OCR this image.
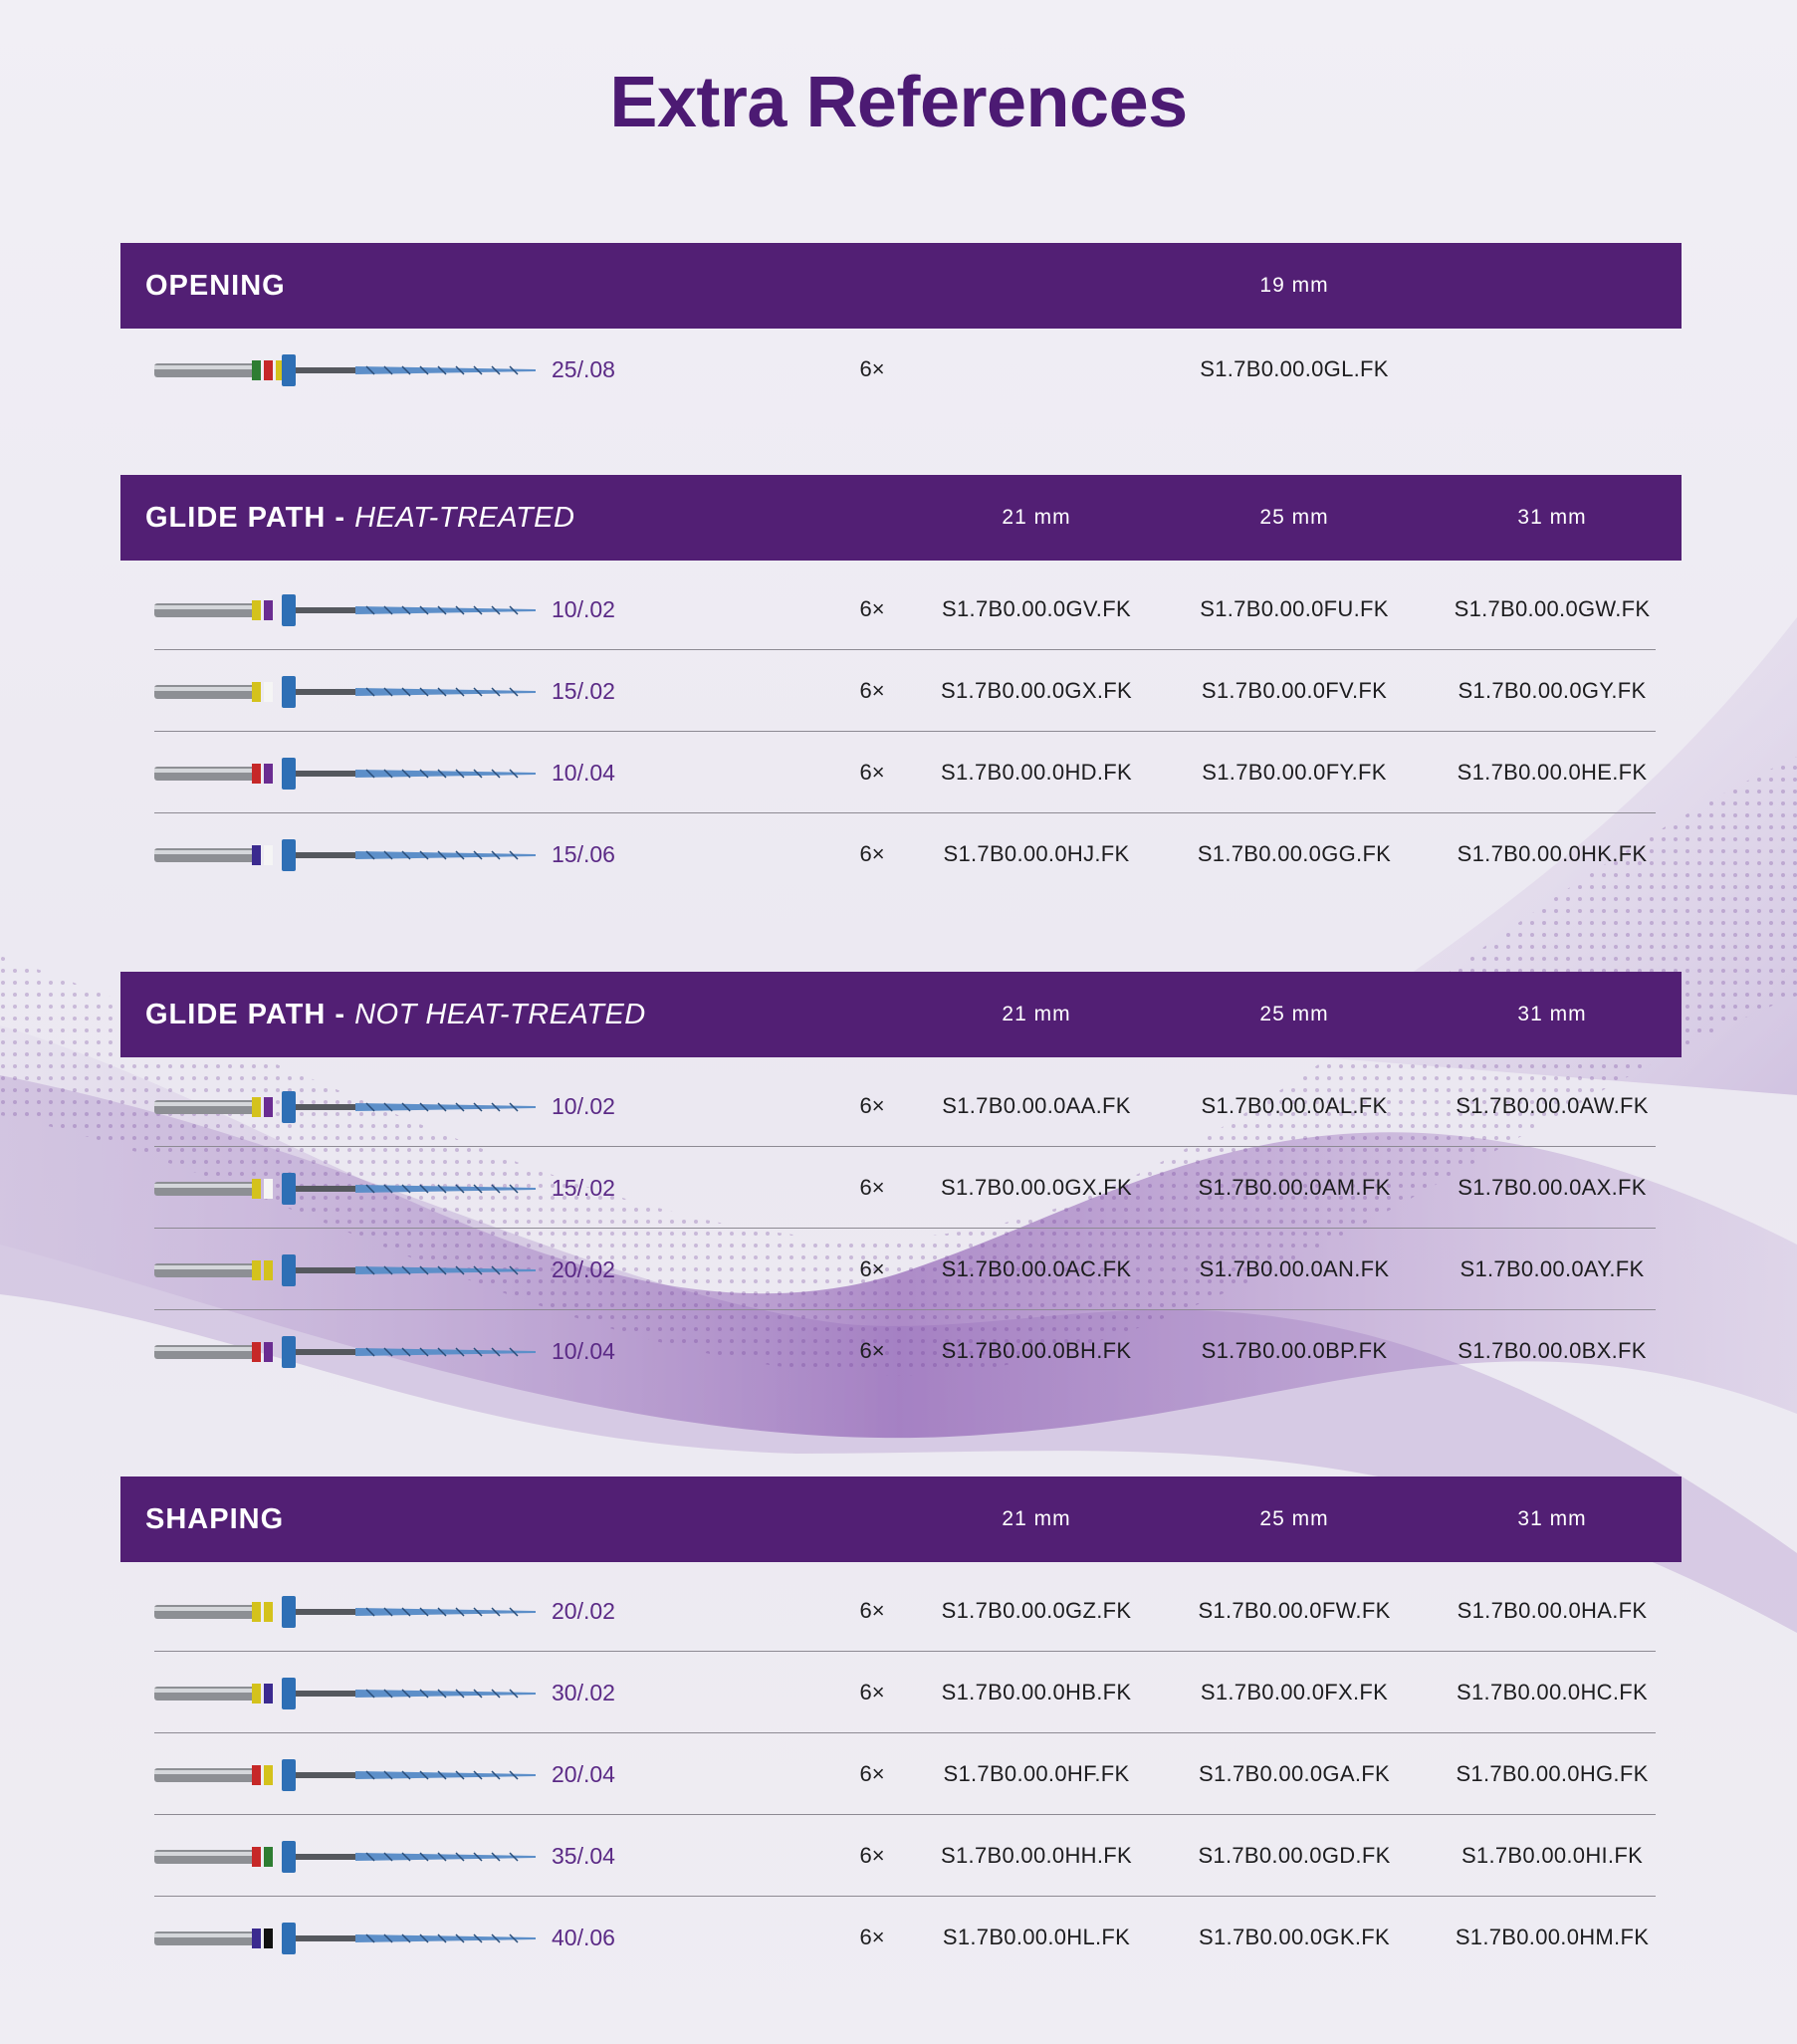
Extra References
OPENING	19 mm
25/.08	6×	S1.7B0.00.0GL.FK
GLIDE PATH - HEAT-TREATED	21 mm	25 mm	31 mm
10/.02	6×	S1.7B0.00.0GV.FK	S1.7B0.00.0FU.FK	S1.7B0.00.0GW.FK
15/.02	6×	S1.7B0.00.0GX.FK	S1.7B0.00.0FV.FK	S1.7B0.00.0GY.FK
10/.04	6×	S1.7B0.00.0HD.FK	S1.7B0.00.0FY.FK	S1.7B0.00.0HE.FK
15/.06	6×	S1.7B0.00.0HJ.FK	S1.7B0.00.0GG.FK	S1.7B0.00.0HK.FK
GLIDE PATH - NOT HEAT-TREATED	21 mm	25 mm	31 mm
10/.02	6×	S1.7B0.00.0AA.FK	S1.7B0.00.0AL.FK	S1.7B0.00.0AW.FK
15/.02	6×	S1.7B0.00.0GX.FK	S1.7B0.00.0AM.FK	S1.7B0.00.0AX.FK
20/.02	6×	S1.7B0.00.0AC.FK	S1.7B0.00.0AN.FK	S1.7B0.00.0AY.FK
10/.04	6×	S1.7B0.00.0BH.FK	S1.7B0.00.0BP.FK	S1.7B0.00.0BX.FK
SHAPING	21 mm	25 mm	31 mm
20/.02	6×	S1.7B0.00.0GZ.FK	S1.7B0.00.0FW.FK	S1.7B0.00.0HA.FK
30/.02	6×	S1.7B0.00.0HB.FK	S1.7B0.00.0FX.FK	S1.7B0.00.0HC.FK
20/.04	6×	S1.7B0.00.0HF.FK	S1.7B0.00.0GA.FK	S1.7B0.00.0HG.FK
35/.04	6×	S1.7B0.00.0HH.FK	S1.7B0.00.0GD.FK	S1.7B0.00.0HI.FK
40/.06	6×	S1.7B0.00.0HL.FK	S1.7B0.00.0GK.FK	S1.7B0.00.0HM.FK
